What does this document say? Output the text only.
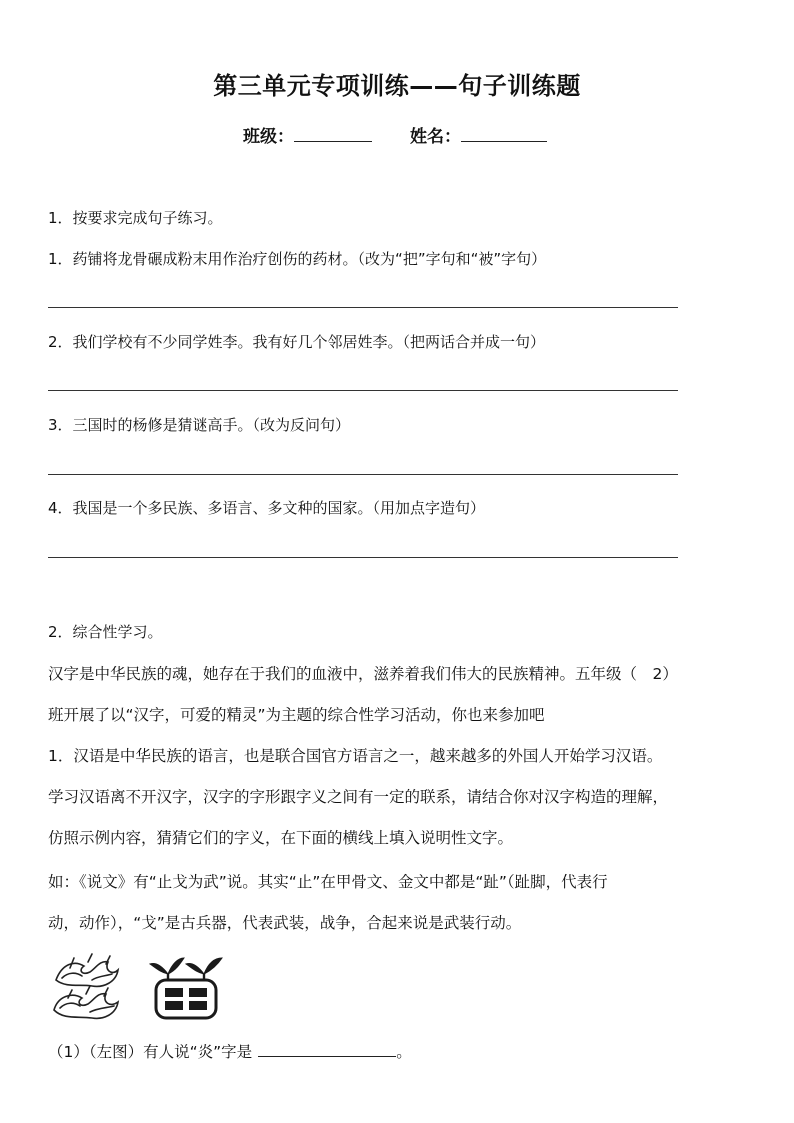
第三单元专项训练——句子训练题
班级：	姓名：
1．按要求完成句子练习。
1．药铺将龙骨碾成粉末用作治疗创伤的药材。（改为“把”字句和“被”字句）
2．我们学校有不少同学姓李。我有好几个邻居姓李。（把两话合并成一句）
3．三国时的杨修是猜谜高手。（改为反问句）
4．我国是一个多民族、多语言、多文种的国家。（用加点字造句）
2．综合性学习。
汉字是中华民族的魂，她存在于我们的血液中，滋养着我们伟大的民族精神。五年级（　2）
班开展了以“汉字，可爱的精灵”为主题的综合性学习活动，你也来参加吧
1．汉语是中华民族的语言，也是联合国官方语言之一，越来越多的外国人开始学习汉语。
学习汉语离不开汉字，汉字的字形跟字义之间有一定的联系，请结合你对汉字构造的理解，
仿照示例内容，猜猜它们的字义，在下面的横线上填入说明性文字。
如：《说文》有“止戈为武”说。其实“止”在甲骨文、金文中都是“趾”（趾脚，代表行
动，动作），“戈”是古兵器，代表武装，战争，合起来说是武装行动。
（1）（左图）有人说“炎”字是	。
